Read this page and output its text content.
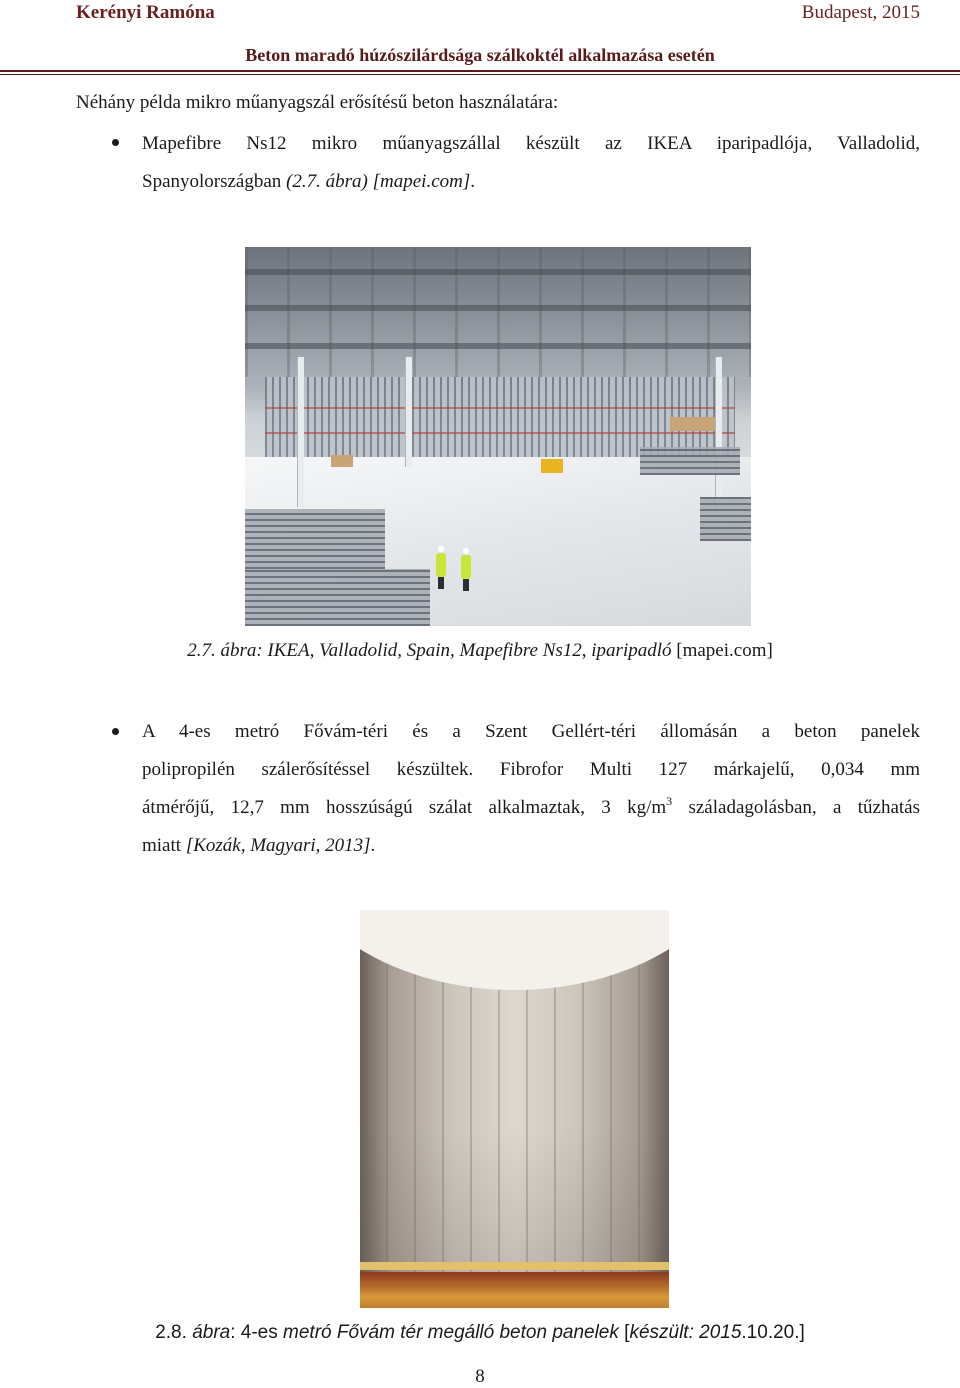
Kerényi Ramóna	Budapest, 2015
Beton maradó húzószilárdsága szálkoktél alkalmazása esetén
Néhány példa mikro műanyagszál erősítésű beton használatára:
Mapefibre Ns12 mikro műanyagszállal készült az IKEA iparipadlója, Valladolid,
Spanyolországban (2.7. ábra) [mapei.com].
2.7. ábra: IKEA, Valladolid, Spain, Mapefibre Ns12, iparipadló [mapei.com]
A 4-es metró Fővám-téri és a Szent Gellért-téri állomásán a beton panelek
polipropilén szálerősítéssel készültek. Fibrofor Multi 127 márkajelű, 0,034 mm
átmérőjű, 12,7 mm hosszúságú szálat alkalmaztak, 3 $kg/m^3$ száladagolásban, a tűzhatás
miatt [Kozák, Magyari, 2013].
2.8. ábra: 4-es metró Fővám tér megálló beton panelek [készült: 2015.10.20.]
8
